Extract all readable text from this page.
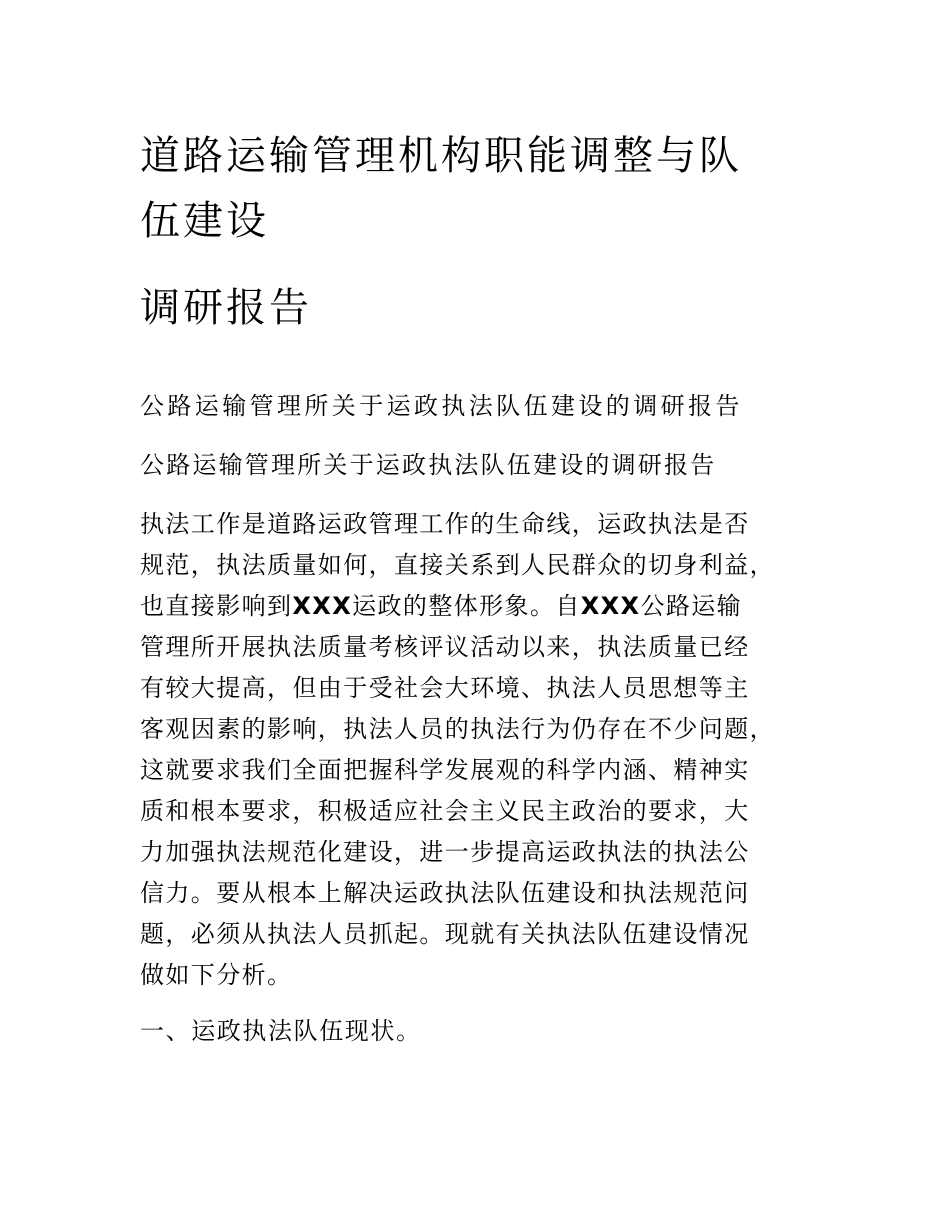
道路运输管理机构职能调整与队
伍建设
调研报告

公路运输管理所关于运政执法队伍建设的调研报告

公路运输管理所关于运政执法队伍建设的调研报告

执法工作是道路运政管理工作的生命线，运政执法是否

规范，执法质量如何，直接关系到人民群众的切身利益，

也直接影响到XXX运政的整体形象。自XXX公路运输

管理所开展执法质量考核评议活动以来，执法质量已经

有较大提高，但由于受社会大环境、执法人员思想等主

客观因素的影响，执法人员的执法行为仍存在不少问题，

这就要求我们全面把握科学发展观的科学内涵、精神实

质和根本要求，积极适应社会主义民主政治的要求，大

力加强执法规范化建设，进一步提高运政执法的执法公

信力。要从根本上解决运政执法队伍建设和执法规范问

题，必须从执法人员抓起。现就有关执法队伍建设情况

做如下分析。

一、运政执法队伍现状。
